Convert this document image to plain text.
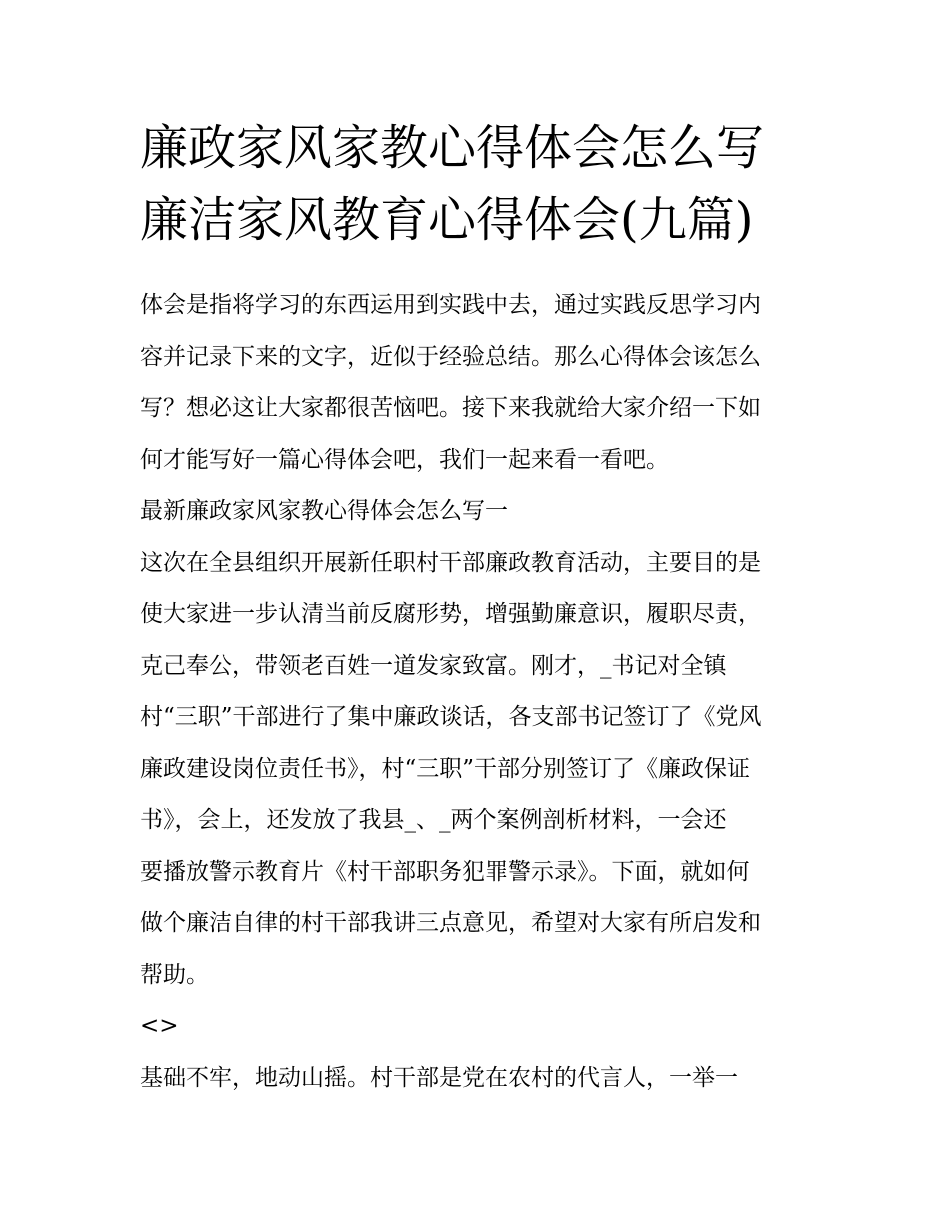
廉政家风家教心得体会怎么写
廉洁家风教育心得体会(九篇)
体会是指将学习的东西运用到实践中去，通过实践反思学习内
容并记录下来的文字，近似于经验总结。那么心得体会该怎么
写？想必这让大家都很苦恼吧。接下来我就给大家介绍一下如
何才能写好一篇心得体会吧，我们一起来看一看吧。
最新廉政家风家教心得体会怎么写一
这次在全县组织开展新任职村干部廉政教育活动，主要目的是
使大家进一步认清当前反腐形势，增强勤廉意识，履职尽责，
克己奉公，带领老百姓一道发家致富。刚才，_书记对全镇
村“三职”干部进行了集中廉政谈话，各支部书记签订了《党风
廉政建设岗位责任书》，村“三职”干部分别签订了《廉政保证
书》，会上，还发放了我县_、_两个案例剖析材料，一会还
要播放警示教育片《村干部职务犯罪警示录》。下面，就如何
做个廉洁自律的村干部我讲三点意见，希望对大家有所启发和
帮助。
<>
基础不牢，地动山摇。村干部是党在农村的代言人，一举一
